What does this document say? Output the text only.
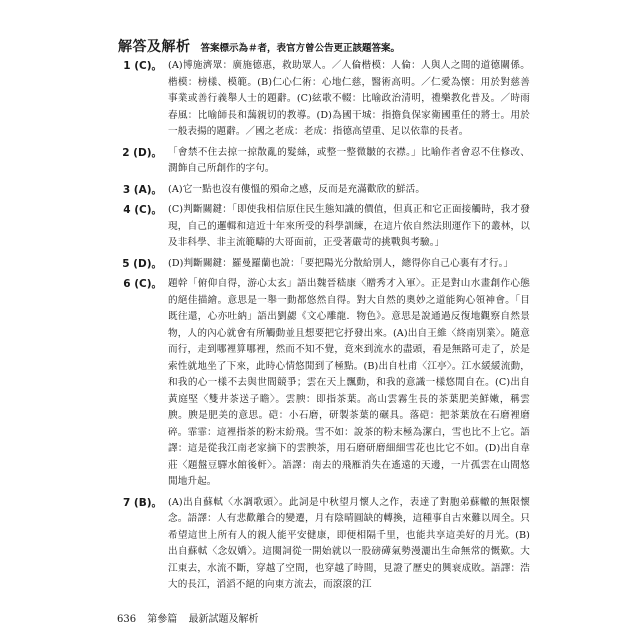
解答及解析 答案標示為＃者，表官方曾公告更正該題答案。
1 (C)。 (A)博施濟眾：廣施德惠，救助眾人。／人倫楷模：人倫：人與人之間的道德關係。楷模：榜樣、模範。(B)仁心仁術：心地仁慈，醫術高明。／仁愛為懷：用於對慈善事業或善行義舉人士的題辭。(C)絃歌不輟：比喻政治清明，禮樂教化普及。／時雨春風：比喻師長和藹親切的教導。(D)為國干城：指擔負保家衛國重任的將士。用於一般表揚的題辭。／國之老成：老成：指德高望重、足以依靠的長者。
2 (D)。 「會禁不住去掠一掠散亂的髮絲，或整一整微皺的衣襟。」比喻作者會忍不住修改、潤飾自己所創作的字句。
3 (A)。 (A)它一點也沒有僂慍的殞命之感，反而是充滿歡欣的鮮活。
4 (C)。 (C)判斷關鍵：「即使我相信原住民生態知識的價值，但真正和它正面接觸時，我才發現，自己的邏輯和這近十年來所受的科學訓練，在這片依自然法則運作下的叢林，以及非科學、非主流範疇的大哥面前，正受著嚴苛的挑戰與考驗。」
5 (D)。 (D)判斷關鍵：羅曼羅蘭也說：「要把陽光分散給別人，總得你自己心裏有才行。」
6 (C)。 題幹「俯仰自得，游心太玄」語出魏晉嵇康〈贈秀才入軍〉。正是對山水畫創作心態的絕佳描繪。意思是一舉一動都悠然自得。對大自然的奧妙之道能夠心領神會。「目既往還，心亦吐納」語出劉勰《文心雕龍．物色》。意思是說通過反復地觀察自然景物，人的內心就會有所觸動並且想要把它抒發出來。(A)出自王維〈終南別業〉。隨意而行，走到哪裡算哪裡，然而不知不覺，竟來到流水的盡頭，看是無路可走了，於是索性就地坐了下來，此時心情悠閒到了極點。(B)出自杜甫〈江亭〉。江水緩緩流動，和我的心一樣不去與世間競爭；雲在天上飄動，和我的意識一樣悠閒自在。(C)出自黃庭堅〈雙井茶送子瞻〉。雲腴：即指茶葉。高山雲霧生長的茶葉肥美鮮嫩，稱雲腴。腴是肥美的意思。硙：小石磨，研製茶葉的碾具。落硙：把茶葉放在石磨裡磨碎。霏霏：這裡指茶的粉末紛飛。雪不如：說茶的粉末極為潔白，雪也比不上它。語譯：這是從我江南老家摘下的雲腴茶，用石磨研磨細細雪花也比它不如。(D)出自韋莊〈題盤豆驛水館後軒〉。語譯：南去的飛雁消失在遙遠的天邊，一片孤雲在山間悠閒地升起。
7 (B)。 (A)出自蘇軾〈水調歌頭〉。此詞是中秋望月懷人之作，表達了對胞弟蘇轍的無限懷念。語譯：人有悲歡離合的變遷，月有陰晴圓缺的轉換，這種事自古來難以周全。只希望這世上所有人的親人能平安健康，即便相隔千里，也能共享這美好的月光。(B)出自蘇軾〈念奴嬌〉。這闋詞從一開始就以一股磅礡氣勢漫灑出生命無常的慨歎。大江東去，水流不斷，穿越了空間，也穿越了時間，見證了歷史的興衰成敗。語譯：浩大的長江，滔滔不絕的向東方流去，而滾滾的江
636 第參篇 最新試題及解析
